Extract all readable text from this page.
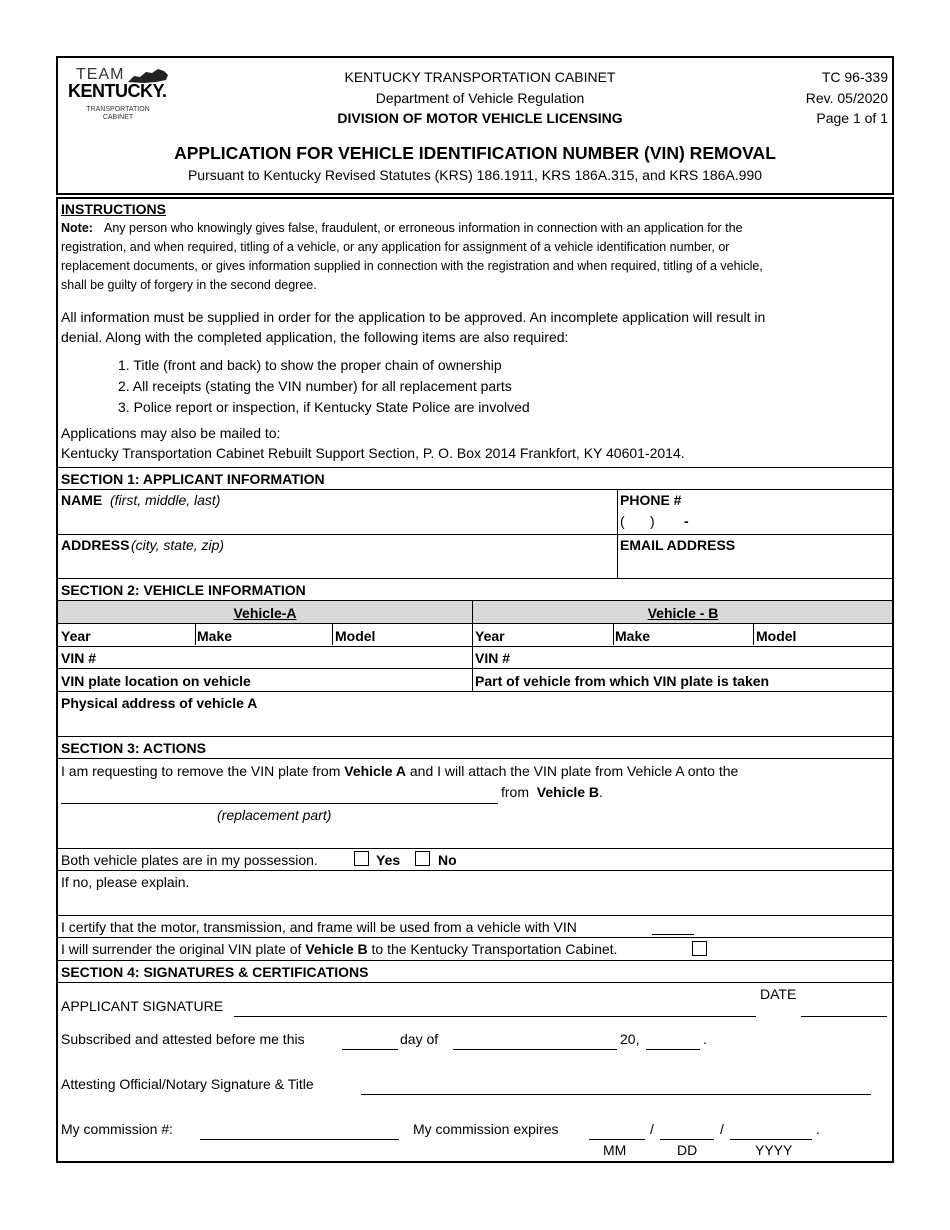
TEAM
KENTUCKY.
TRANSPORTATION
CABINET
KENTUCKY TRANSPORTATION CABINET
Department of Vehicle Regulation
DIVISION OF MOTOR VEHICLE LICENSING
TC 96-339
Rev. 05/2020
Page 1 of 1
APPLICATION FOR VEHICLE IDENTIFICATION NUMBER (VIN) REMOVAL
Pursuant to Kentucky Revised Statutes (KRS) 186.1911, KRS 186A.315, and KRS 186A.990
INSTRUCTIONS
Note: Any person who knowingly gives false, fraudulent, or erroneous information in connection with an application for the
registration, and when required, titling of a vehicle, or any application for assignment of a vehicle identification number, or
replacement documents, or gives information supplied in connection with the registration and when required, titling of a vehicle,
shall be guilty of forgery in the second degree.
All information must be supplied in order for the application to be approved. An incomplete application will result in
denial. Along with the completed application, the following items are also required:
1. Title (front and back) to show the proper chain of ownership
2. All receipts (stating the VIN number) for all replacement parts
3. Police report or inspection, if Kentucky State Police are involved
Applications may also be mailed to:
Kentucky Transportation Cabinet Rebuilt Support Section, P. O. Box 2014 Frankfort, KY 40601-2014.
SECTION 1: APPLICANT INFORMATION
NAME (first, middle, last)	PHONE #
( ) -
ADDRESS (city, state, zip)	EMAIL ADDRESS
SECTION 2: VEHICLE INFORMATION
Vehicle-A	Vehicle - B
Year	Make	Model	Year	Make	Model
VIN #	VIN #
VIN plate location on vehicle	Part of vehicle from which VIN plate is taken
Physical address of vehicle A
SECTION 3: ACTIONS
I am requesting to remove the VIN plate from Vehicle A and I will attach the VIN plate from Vehicle A onto the
from Vehicle B.
(replacement part)
Both vehicle plates are in my possession.	Yes	No
If no, please explain.
I certify that the motor, transmission, and frame will be used from a vehicle with VIN
I will surrender the original VIN plate of Vehicle B to the Kentucky Transportation Cabinet.
SECTION 4: SIGNATURES & CERTIFICATIONS
APPLICANT SIGNATURE
DATE
Subscribed and attested before me this	day of	20,	.
Attesting Official/Notary Signature & Title
My commission #:	My commission expires	/	/	.
MM	DD	YYYY
